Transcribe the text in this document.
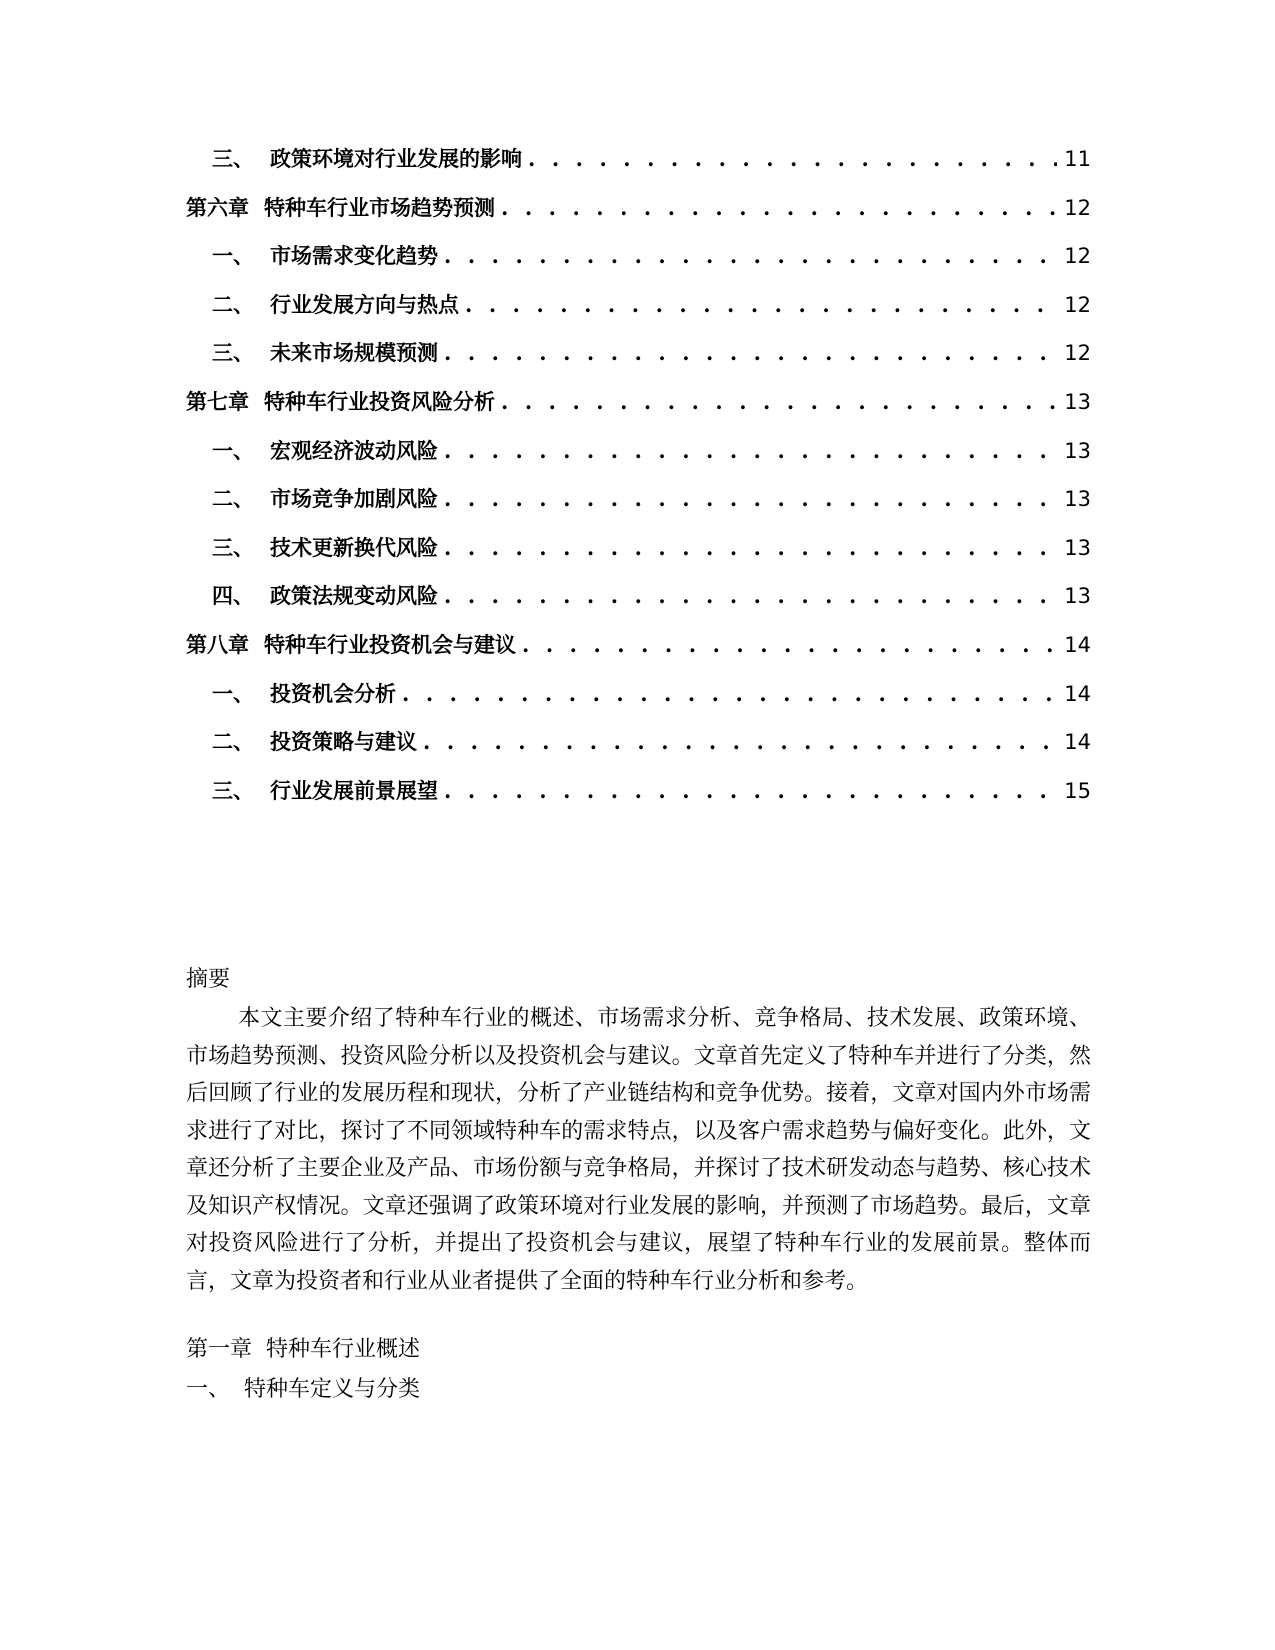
三、 政策环境对行业发展的影响 . . .	11
第六章 特种车行业市场趋势预测 . . .	12
一、 市场需求变化趋势 . . .	12
二、 行业发展方向与热点 . . .	12
三、 未来市场规模预测 . . .	12
第七章 特种车行业投资风险分析 . . .	13
一、 宏观经济波动风险 . . .	13
二、 市场竞争加剧风险 . . .	13
三、 技术更新换代风险 . . .	13
四、 政策法规变动风险 . . .	13
第八章 特种车行业投资机会与建议 . . .	14
一、 投资机会分析 . . .	14
二、 投资策略与建议 . . .	14
三、 行业发展前景展望 . . .	15
摘要

本文主要介绍了特种车行业的概述、市场需求分析、竞争格局、技术发展、政策环境、市场趋势预测、投资风险分析以及投资机会与建议。文章首先定义了特种车并进行了分类，然后回顾了行业的发展历程和现状，分析了产业链结构和竞争优势。接着，文章对国内外市场需求进行了对比，探讨了不同领域特种车的需求特点，以及客户需求趋势与偏好变化。此外，文章还分析了主要企业及产品、市场份额与竞争格局，并探讨了技术研发动态与趋势、核心技术及知识产权情况。文章还强调了政策环境对行业发展的影响，并预测了市场趋势。最后，文章对投资风险进行了分析，并提出了投资机会与建议，展望了特种车行业的发展前景。整体而言，文章为投资者和行业从业者提供了全面的特种车行业分析和参考。

第一章  特种车行业概述
一、  特种车定义与分类
